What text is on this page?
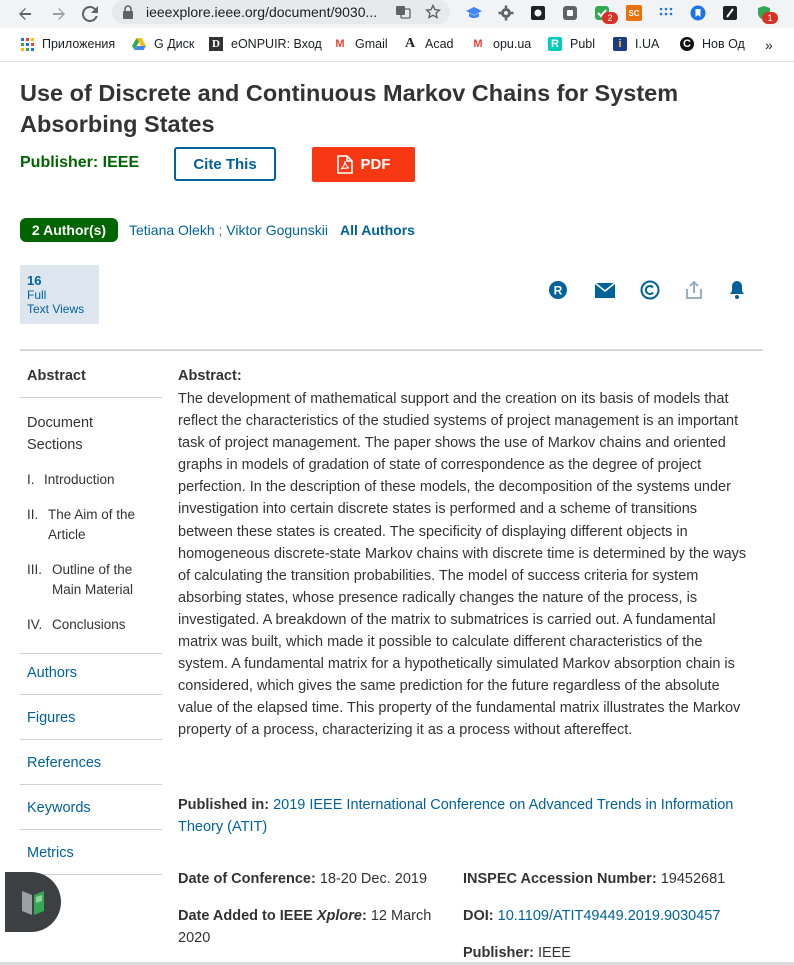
ieeexplore.ieee.org/document/9030...	2	SC	1
Приложения	G Диск D eONPUIR: Вход M Gmail A Acad M opu.ua R Publ	i	I.UA C Нов Од »
Use of Discrete and Continuous Markov Chains for System Absorbing States
Publisher: IEEE	Cite This	PDF
2 Author(s)	Tetiana Olekh ; Viktor Gogunskii All Authors
16
Full
Text Views
R
Abstract
Document Sections
I. Introduction
II. The Aim of the Article
III. Outline of the Main Material
IV. Conclusions
Authors
Figures
References
Keywords
Metrics
Abstract:
The development of mathematical support and the creation on its basis of models that reflect the characteristics of the studied systems of project management is an important task of project management. The paper shows the use of Markov chains and oriented graphs in models of gradation of state of correspondence as the degree of project perfection. In the description of these models, the decomposition of the systems under investigation into certain discrete states is performed and a scheme of transitions between these states is created. The specificity of displaying different objects in homogeneous discrete-state Markov chains with discrete time is determined by the ways of calculating the transition probabilities. The model of success criteria for system absorbing states, whose presence radically changes the nature of the process, is investigated. A breakdown of the matrix to submatrices is carried out. A fundamental matrix was built, which made it possible to calculate different characteristics of the system. A fundamental matrix for a hypothetically simulated Markov absorption chain is considered, which gives the same prediction for the future regardless of the absolute value of the elapsed time. This property of the fundamental matrix illustrates the Markov property of a process, characterizing it as a process without aftereffect.
Published in: 2019 IEEE International Conference on Advanced Trends in Information Theory (ATIT)
Date of Conference: 18-20 Dec. 2019
Date Added to IEEE Xplore: 12 March 2020
INSPEC Accession Number: 19452681
DOI: 10.1109/ATIT49449.2019.9030457
Publisher: IEEE
